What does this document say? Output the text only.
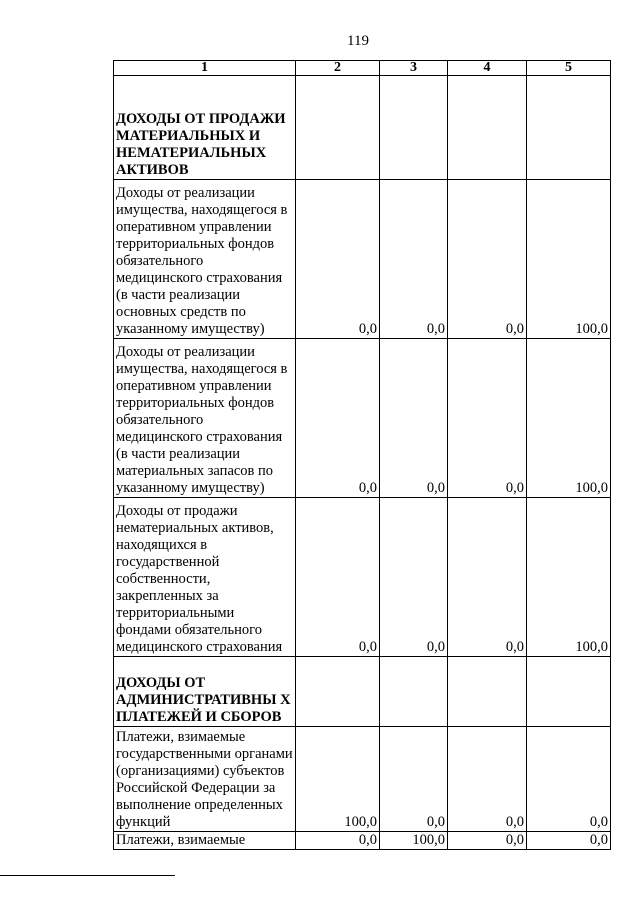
119
1	2	3	4	5
ДОХОДЫ ОТ ПРОДАЖИ МАТЕРИАЛЬНЫХ И НЕМАТЕРИАЛЬНЫХ АКТИВОВ				
Доходы от реализации имущества, находящегося в оперативном управлении территориальных фондов обязательного медицинского страхования (в части реализации основных средств по указанному имуществу)	0,0	0,0	0,0	100,0
Доходы от реализации имущества, находящегося в оперативном управлении территориальных фондов обязательного медицинского страхования (в части реализации материальных запасов по указанному имуществу)	0,0	0,0	0,0	100,0
Доходы от продажи нематериальных активов, находящихся в государственной собственности, закрепленных за территориальными фондами обязательного медицинского страхования	0,0	0,0	0,0	100,0
ДОХОДЫ ОТ АДМИНИСТРАТИВНЫ Х ПЛАТЕЖЕЙ И СБОРОВ				
Платежи, взимаемые государственными органами (организациями) субъектов Российской Федерации за выполнение определенных функций	100,0	0,0	0,0	0,0
Платежи, взимаемые	0,0	100,0	0,0	0,0
